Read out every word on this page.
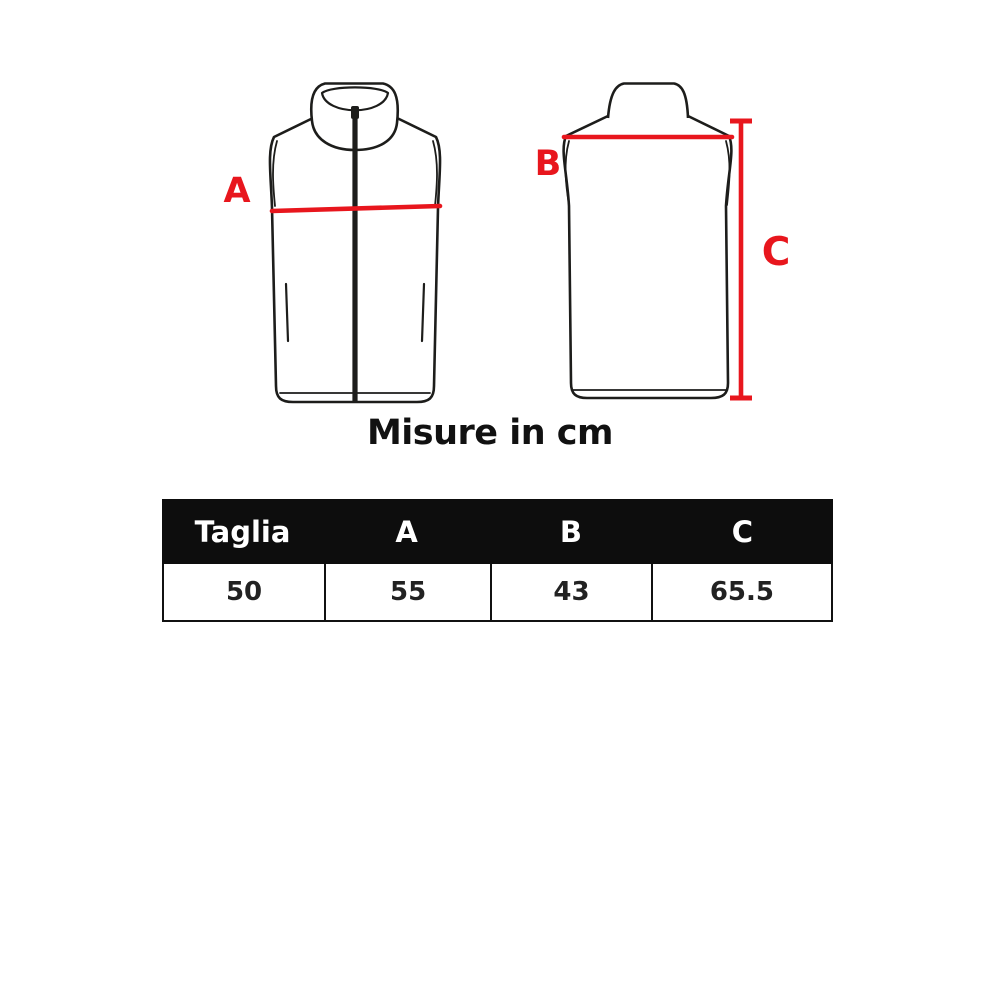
A
B
C
Misure in cm
Taglia	A	B	C
50	55	43	65.5
